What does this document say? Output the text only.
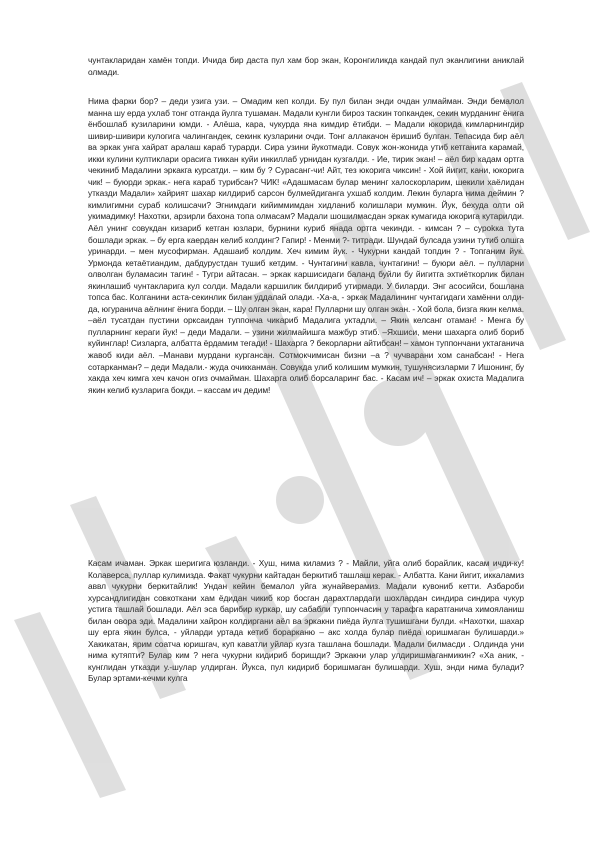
чунтакларидан хамён топди. Ичида бир даста пул хам бор экан, Коронгиликда кандай пул эканлигини аниклай олмади.

Нима фарки бор? – деди узига узи. – Омадим кеп колди. Бу пул билан энди очдан улмайман. Энди бемалол манна шу ерда ухлаб тонг отганда йулга тушаман. Мадали кунгли бироз таскин топкандек, секин мурданинг ёнига ёнбошлаб кузиларини юмди. - Алёша, кара, чукурда яна кимдир ётибди. – Мадали юкорида кимларнингдир шивир-шивири кулогига чалингандек, секинк кузларини очди. Тонг аллакачон ёришиб булган. Тепасида бир аёл ва эркак унга хайрат аралаш караб турарди. Сира узини йукотмади. Совук жон-жонида утиб кетганига карамай, икки кулини култиклари орасига тиккан куйи инкиллаб урнидан кузгалди. - Ие, тирик экан! – аёл бир кадам ортга чекиниб Мадалини эркакга курсатди. – ким бу ? Сурасанг-чи! Айт, тез юкорига чиксин! - Хой йигит, кани, юкорига чик! – буюрди эркак.- нега караб турибсан? ЧИК! «Адашмасам булар менинг халоскорларим, шекили хаёлидан утказди Мадали» хайрият шахар килдириб сарсон булмейдиганга ухшаб колдим. Лекин буларга нима деймин ? кимлигимни сураб колишсачи? Эгнимдаги кийиммимдан хидланиб колишлари мумкин. Йук, бехуда олти ой укимадимку! Нахотки, арзирли бахона топа олмасам? Мадали шошилмасдан эркак кумагида юкорига кутарилди. Аёл унинг совукдан кизариб кетган юзлари, бурнини куриб янада ортга чекинди. - кимсан ? – суроkка тута бошлади эркак. – бу ерга каердан келиб колдинг? Гапир! - Менми ?- титради. Шундай булсада узини тутиб олшга уринарди. – мен мусофирман. Адашаиб колдим. Хеч кимим йук. - Чукурни кандай топдин ? - Топганим йук. Урмонда кетаётиандим, дабдурустдан тушиб кетдим. - Чунтагини кавла, чунтагини! – буюри аёл. – пулларни олволган буламасин тагин! - Тугри айтасан. – эркак каршисидаги баланд буйли бу йигитга эхтиёткорлик билан якинлашиб чунтакларига кул солди. Мадали каршилик билдириб утирмади. У биларди. Энг асосийси, бошлана топса бас. Колганини аста-секинлик билан уддалай олади. -Ха-а, - эркак Мадалининг чунтагидаги хамённи олди-да, югуранича аёлнинг ёнига борди. – Шу олган экан, кара! Пулларни шу олган экан. - Хой бола, бизга якин келма. –аёл тусатдан пустини орксаидан туппончa чикариб Мадалига уктадли. – Якин келсанг отаман! - Менга бу пулларнинг кераги йук! – деди Мадали. – узини жилмайишга мажбур этиб. –Яхшиси, мени шахарга олиб бориб куйинглар! Сизларга, албатта ёрдамим тегади! - Шахарга ? бекорларни айтибсан! – хамон туппончани уктаганича жавоб киди аёл. –Манави мурдани кургансан. Сотмокчимисан бизни –а ? чучварани хом санабсан! - Нега сотарканман? – деди Мадали.- жуда очикканман. Совукда улиб колишим мумкин, тушунясизларми 7 Ишонинг, бу хакда хеч кимга хеч качон огиз очмайман. Шахарга олиб борсаларинг бас. - Касам ич! – эркак охиста Мадалига якин келиб кузларига бокди. – кассам ич дедим!

Касам ичаман. Эркак шеригига юзланди. - Хуш, нима киламиз ? - Майли, уйга олиб борайлик, касам ичди-ку! Колаверса, пуллар кулимизда. Факат чукурни кайтадан беркитиб ташлаш керак. - Албатта. Кани йигит, иккаламиз аввл чукурни беркитайлик! Ундан кейин бемалол уйга жунайвeрамиз. Мадали кувониб кетти. Азбароби хурсандлигидан совкоткани хам ёдидан чикиб кор босган дарахтлардаги шохлардан синдира синдира чукур устига ташлай бошлади. Аёл эса барибир куркар, шу сабабли туппончасин у тарафга каратганича химояланиш билан овора эди. Мадалини хайрон колдиргани аёл ва эркакни пиёда йулга тушишгани булди. «Нахотки, шахар шу ерга якин булса, - уйларди уртада кетиб борарканю – акс холда булар пиёда юришмаган булишарди.» Хакикатан, ярим соатча юришгач, куп каватли уйлар кузга ташлана бошлади. Мадали билмасди . Олдинда уни нима кутяпти? Булар ким ? нега чукурни кидириб боришди? Эркакни улар улдиришмаганмикин? «Ха аник, - кунглидан утказди у.-шулар улдирган. Йукса, пул кидириб боришмаган булишарди. Хуш, энди нима булади? Булар эртами-кечми кулга
